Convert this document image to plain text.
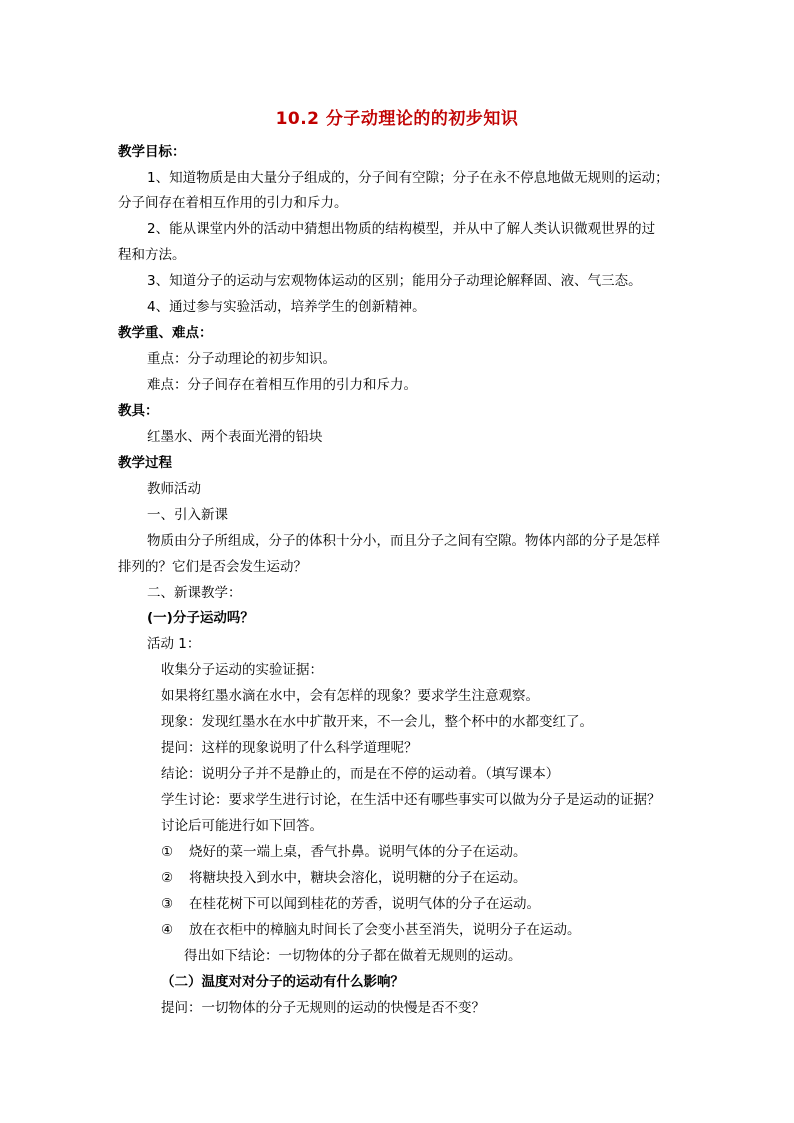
10.2 分子动理论的的初步知识
教学目标：
1、知道物质是由大量分子组成的，分子间有空隙；分子在永不停息地做无规则的运动；
分子间存在着相互作用的引力和斥力。
2、能从课堂内外的活动中猜想出物质的结构模型，并从中了解人类认识微观世界的过
程和方法。
3、知道分子的运动与宏观物体运动的区别；能用分子动理论解释固、液、气三态。
4、通过参与实验活动，培养学生的创新精神。
教学重、难点：
重点：分子动理论的初步知识。
难点：分子间存在着相互作用的引力和斥力。
教具：
红墨水、两个表面光滑的铅块
教学过程
教师活动
一、引入新课
物质由分子所组成，分子的体积十分小，而且分子之间有空隙。物体内部的分子是怎样
排列的？它们是否会发生运动？
二、新课教学：
(一)分子运动吗？
活动 1：
收集分子运动的实验证据：
如果将红墨水滴在水中，会有怎样的现象？要求学生注意观察。
现象：发现红墨水在水中扩散开来，不一会儿，整个杯中的水都变红了。
提问：这样的现象说明了什么科学道理呢？
结论：说明分子并不是静止的，而是在不停的运动着。（填写课本）
学生讨论：要求学生进行讨论，在生活中还有哪些事实可以做为分子是运动的证据？
讨论后可能进行如下回答。
① 烧好的菜一端上桌，香气扑鼻。说明气体的分子在运动。
② 将糖块投入到水中，糖块会溶化，说明糖的分子在运动。
③ 在桂花树下可以闻到桂花的芳香，说明气体的分子在运动。
④ 放在衣柜中的樟脑丸时间长了会变小甚至消失，说明分子在运动。
得出如下结论：一切物体的分子都在做着无规则的运动。
（二）温度对对分子的运动有什么影响？
提问：一切物体的分子无规则的运动的快慢是否不变？
